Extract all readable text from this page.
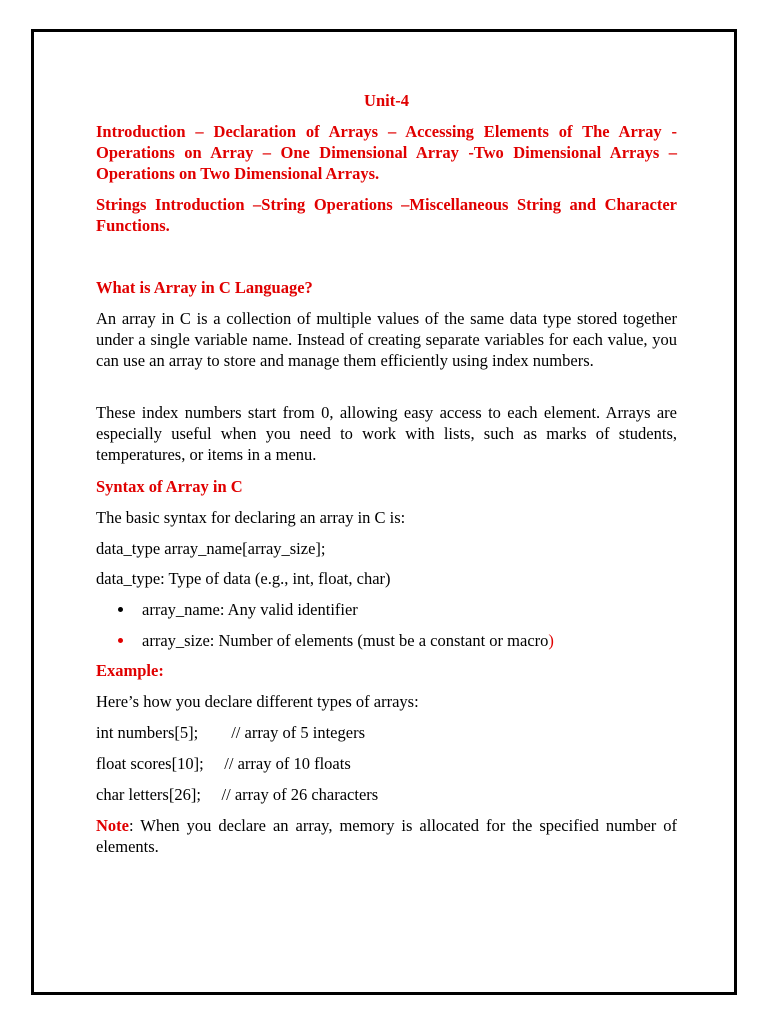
Unit-4

Introduction – Declaration of Arrays – Accessing Elements of The Array - Operations on Array – One Dimensional Array -Two Dimensional Arrays – Operations on Two Dimensional Arrays.

Strings Introduction –String Operations –Miscellaneous String and Character Functions.

What is Array in C Language?

An array in C is a collection of multiple values of the same data type stored together under a single variable name. Instead of creating separate variables for each value, you can use an array to store and manage them efficiently using index numbers.

These index numbers start from 0, allowing easy access to each element. Arrays are especially useful when you need to work with lists, such as marks of students, temperatures, or items in a menu.

Syntax of Array in C

The basic syntax for declaring an array in C is:

data_type array_name[array_size];

data_type: Type of data (e.g., int, float, char)

array_name: Any valid identifier
array_size: Number of elements (must be a constant or macro)

Example:

Here’s how you declare different types of arrays:

int numbers[5]; // array of 5 integers

float scores[10]; // array of 10 floats

char letters[26]; // array of 26 characters

Note: When you declare an array, memory is allocated for the specified number of elements.
